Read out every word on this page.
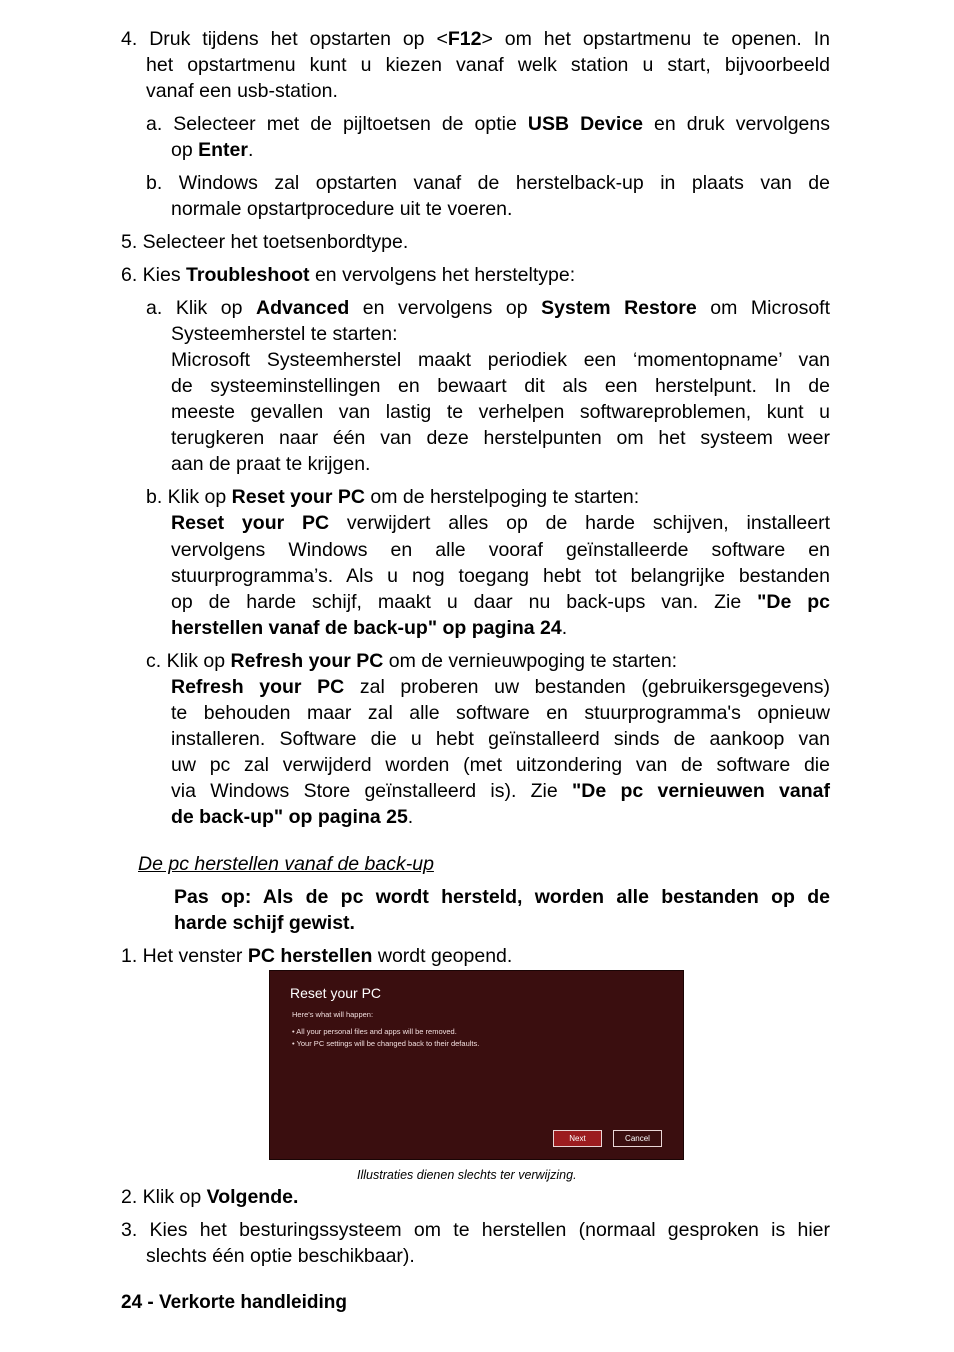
4. Druk tijdens het opstarten op <F12> om het opstartmenu te openen. In
het opstartmenu kunt u kiezen vanaf welk station u start, bijvoorbeeld
vanaf een usb-station.
a. Selecteer met de pijltoetsen de optie USB Device en druk vervolgens
op Enter.
b. Windows zal opstarten vanaf de herstelback-up in plaats van de
normale opstartprocedure uit te voeren.
5. Selecteer het toetsenbordtype.
6. Kies Troubleshoot en vervolgens het hersteltype:
a. Klik op Advanced en vervolgens op System Restore om Microsoft
Systeemherstel te starten:
Microsoft Systeemherstel maakt periodiek een ‘momentopname’ van
de systeeminstellingen en bewaart dit als een herstelpunt. In de
meeste gevallen van lastig te verhelpen softwareproblemen, kunt u
terugkeren naar één van deze herstelpunten om het systeem weer
aan de praat te krijgen.
b. Klik op Reset your PC om de herstelpoging te starten:
Reset your PC verwijdert alles op de harde schijven, installeert
vervolgens Windows en alle vooraf geïnstalleerde software en
stuurprogramma’s. Als u nog toegang hebt tot belangrijke bestanden
op de harde schijf, maakt u daar nu back-ups van. Zie "De pc
herstellen vanaf de back-up" op pagina 24.
c. Klik op Refresh your PC om de vernieuwpoging te starten:
Refresh your PC zal proberen uw bestanden (gebruikersgegevens)
te behouden maar zal alle software en stuurprogramma's opnieuw
installeren. Software die u hebt geïnstalleerd sinds de aankoop van
uw pc zal verwijderd worden (met uitzondering van de software die
via Windows Store geïnstalleerd is). Zie "De pc vernieuwen vanaf
de back-up" op pagina 25.
De pc herstellen vanaf de back-up
Pas op: Als de pc wordt hersteld, worden alle bestanden op de
harde schijf gewist.
1. Het venster PC herstellen wordt geopend.
Reset your PC
Here's what will happen:
• All your personal files and apps will be removed.
• Your PC settings will be changed back to their defaults.
Next	Cancel
Illustraties dienen slechts ter verwijzing.
2. Klik op Volgende.
3. Kies het besturingssysteem om te herstellen (normaal gesproken is hier
slechts één optie beschikbaar).
24 - Verkorte handleiding
